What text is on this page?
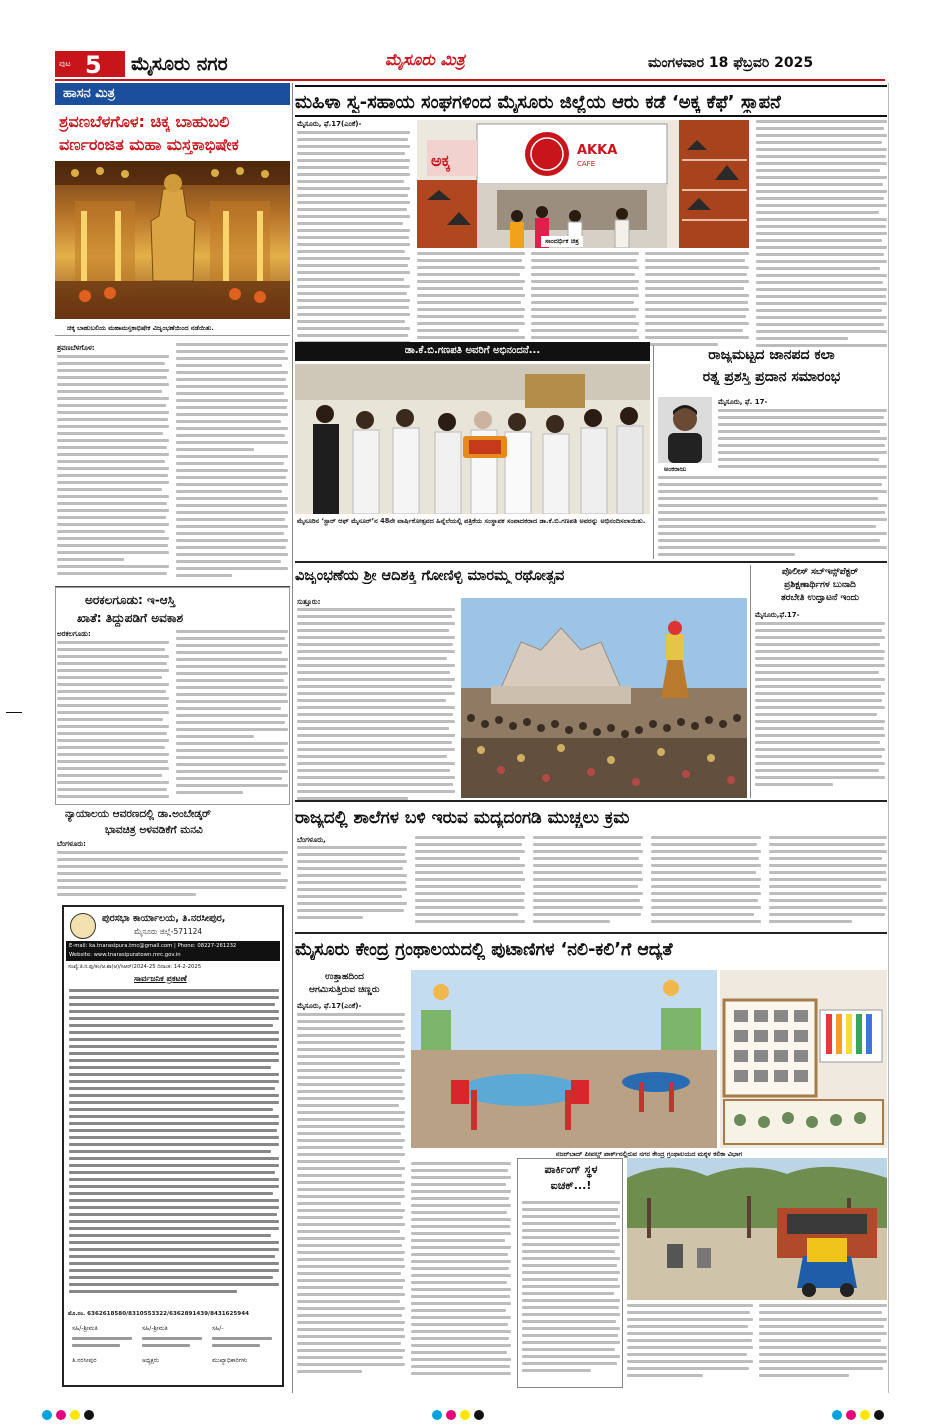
ಪುಟ 5 ಮೈಸೂರು ನಗರ	ಮೈಸೂರು ಮಿತ್ರ	ಮಂಗಳವಾರ 18 ಫೆಬ್ರವರಿ 2025
ಹಾಸನ ಮಿತ್ರ
ಶ್ರವಣಬೆಳಗೊಳ: ಚಿಕ್ಕ ಬಾಹುಬಲಿ
ವರ್ಣರಂಜಿತ ಮಹಾ ಮಸ್ತಕಾಭಿಷೇಕ
ಚಿಕ್ಕ ಬಾಹುಬಲಿಯ ಮಹಾಮಸ್ತಕಾಭಿಷೇಕ ವಿಜೃಂಭಣೆಯಿಂದ ನಡೆಯಿತು.
ಶ್ರವಣಬೆಳಗೊಳ:
ಅರಕಲಗೂಡು: ಇ-ಆಸ್ತಿ
ಖಾತೆ: ತಿದ್ದುಪಡಿಗೆ ಅವಕಾಶ
ಅರಕಲಗೂಡು:
ನ್ಯಾಯಾಲಯ ಆವರಣದಲ್ಲಿ ಡಾ.ಅಂಬೇಡ್ಕರ್
ಭಾವಚಿತ್ರ ಅಳವಡಿಕೆಗೆ ಮನವಿ
ಬೆಂಗಳೂರು:
ಪುರಸಭಾ ಕಾರ್ಯಾಲಯ, ತಿ.ನರಸೀಪುರ,
ಮೈಸೂರು ಜಿಲ್ಲೆ-571124
E-mail: ka.tnarasipura.tmc@gmail.com | Phone: 08227-261232
Website: www.tnarasipuratown.mrc.gov.in
ಸಂಖ್ಯೆ:ತಿ.ನ.ಪು/ಕಂ/ಆ.ಶಾ(ಆ)/ಸಿಆರ್/2024-25 ದಿನಾಂಕ: 14-2-2025
ಸಾರ್ವಜನಿಕ ಪ್ರಕಟಣೆ
ಮೊ.ನಂ. 6362618580/8310553322/6362891439/8431625944
ಸಹಿ/-ಶ್ರೀಮತಿ
ತಿ.ನರಸೀಪುರ
ಸಹಿ/-ಶ್ರೀಮತಿ
ಅಧ್ಯಕ್ಷರು
ಸಹಿ/-
ಮುಖ್ಯಾಧಿಕಾರಿಗಳು
ಮಹಿಳಾ ಸ್ವ-ಸಹಾಯ ಸಂಘಗಳಿಂದ ಮೈಸೂರು ಜಿಲ್ಲೆಯ ಆರು ಕಡೆ ‘ಅಕ್ಕ ಕೆಫೆ’ ಸ್ಥಾಪನೆ
ಮೈಸೂರು, ಫೆ.17(ಎಂಕೆ)-
ಅಕ್ಕ
AKKA
CAFE
ಸಾಂದರ್ಭಿಕ ಚಿತ್ರ
ಡಾ.ಕೆ.ಬಿ.ಗಣಪತಿ ಅವರಿಗೆ ಅಭಿನಂದನೆ...
ಮೈಸೂರಿನ ‘ಸ್ಟಾರ್ ಆಫ್ ಮೈಸೂರ್’ನ 48ನೇ ವಾರ್ಷಿಕೋತ್ಸವದ ಹಿನ್ನೆಲೆಯಲ್ಲಿ ಪತ್ರಿಕೆಯ ಸಂಸ್ಥಾಪಕ ಸಂಪಾದಕರಾದ ಡಾ.ಕೆ.ಬಿ.ಗಣಪತಿ ಅವರನ್ನು ಅಭಿನಂದಿಸಲಾಯಿತು.
ರಾಜ್ಯಮಟ್ಟದ ಜಾನಪದ ಕಲಾ
ರತ್ನ ಪ್ರಶಸ್ತಿ ಪ್ರದಾನ ಸಮಾರಂಭ
ಅಂಕರಾಜು
ಮೈಸೂರು, ಫೆ. 17-
ವಿಜೃಂಭಣೆಯ ಶ್ರೀ ಆದಿಶಕ್ತಿ ಗೋಣಿಳ್ಳಿ ಮಾರಮ್ಮ ರಥೋತ್ಸವ
ಸುತ್ತೂರು:
ಪೊಲೀಸ್ ಸಬ್‌ಇನ್ಸ್‌ಪೆಕ್ಟರ್
ಪ್ರಶಿಕ್ಷಣಾರ್ಥಿಗಳ ಬುನಾದಿ
ತರಬೇತಿ ಉದ್ಘಾಟನೆ ಇಂದು
ಮೈಸೂರು,ಫೆ.17-
ರಾಜ್ಯದಲ್ಲಿ ಶಾಲೆಗಳ ಬಳಿ ಇರುವ ಮದ್ಯದಂಗಡಿ ಮುಚ್ಚಲು ಕ್ರಮ
ಬೆಂಗಳೂರು,
ಮೈಸೂರು ಕೇಂದ್ರ ಗ್ರಂಥಾಲಯದಲ್ಲಿ ಪುಟಾಣಿಗಳ ‘ನಲಿ-ಕಲಿ’ಗೆ ಆದ್ಯತೆ
ಉತ್ತಾಹದಿಂದ
ಆಗಮಿಸುತ್ತಿರುವ ಚಿಣ್ಣರು
ಮೈಸೂರು, ಫೆ.17(ಎಂಕೆ)-
ನಜರ್‌ಬಾದ್ ಪೀಪಲ್ಸ್ ಪಾರ್ಕ್‌ನಲ್ಲಿರುವ ನಗರ ಕೇಂದ್ರ ಗ್ರಂಥಾಲಯದ ಮಕ್ಕಳ ಕಲಿಕಾ ವಿಭಾಗ
ಪಾರ್ಕಿಂಗ್ ಸ್ಥಳ
ಐಚಕ್...!
